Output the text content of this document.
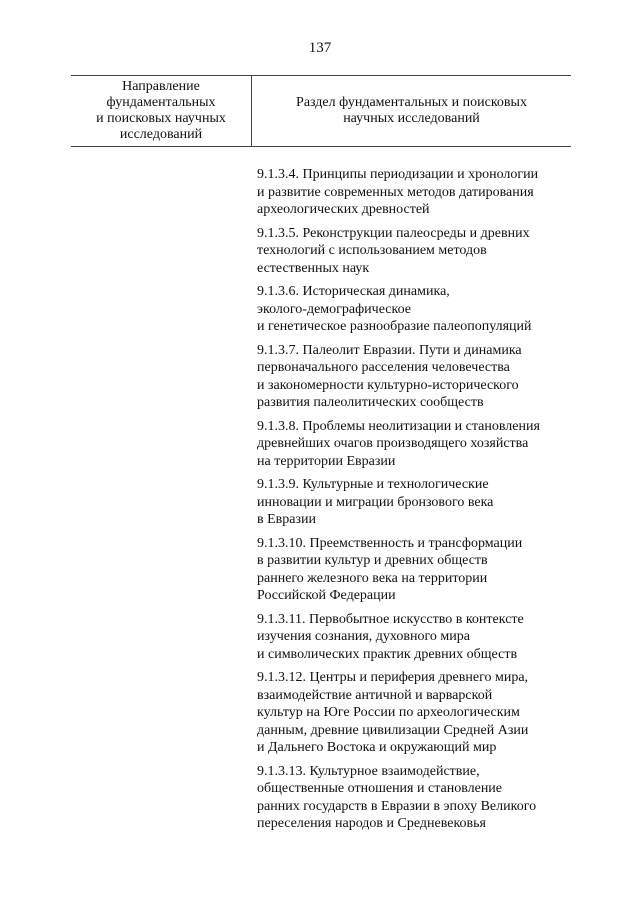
137
Направление
фундаментальных
и поисковых научных
исследований
Раздел фундаментальных и поисковых
научных исследований
9.1.3.4. Принципы периодизации и хронологии
и развитие современных методов датирования
археологических древностей
9.1.3.5. Реконструкции палеосреды и древних
технологий с использованием методов
естественных наук
9.1.3.6. Историческая динамика,
эколого-демографическое
и генетическое разнообразие палеопопуляций
9.1.3.7. Палеолит Евразии. Пути и динамика
первоначального расселения человечества
и закономерности культурно-исторического
развития палеолитических сообществ
9.1.3.8. Проблемы неолитизации и становления
древнейших очагов производящего хозяйства
на территории Евразии
9.1.3.9. Культурные и технологические
инновации и миграции бронзового века
в Евразии
9.1.3.10. Преемственность и трансформации
в развитии культур и древних обществ
раннего железного века на территории
Российской Федерации
9.1.3.11. Первобытное искусство в контексте
изучения сознания, духовного мира
и символических практик древних обществ
9.1.3.12. Центры и периферия древнего мира,
взаимодействие античной и варварской
культур на Юге России по археологическим
данным, древние цивилизации Средней Азии
и Дальнего Востока и окружающий мир
9.1.3.13. Культурное взаимодействие,
общественные отношения и становление
ранних государств в Евразии в эпоху Великого
переселения народов и Средневековья
